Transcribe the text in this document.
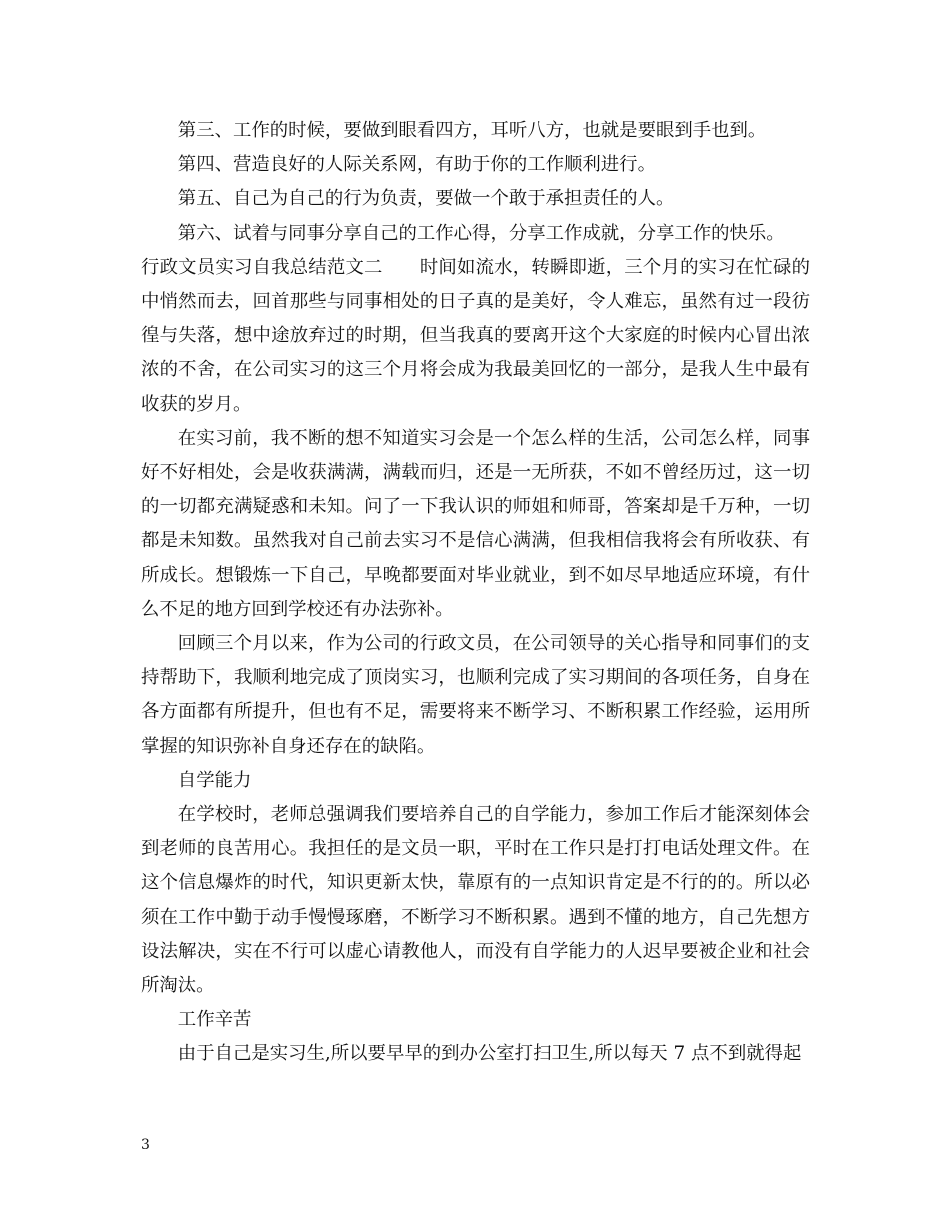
第三、工作的时候，要做到眼看四方，耳听八方，也就是要眼到手也到。

第四、营造良好的人际关系网，有助于你的工作顺利进行。

第五、自己为自己的行为负责，要做一个敢于承担责任的人。

第六、试着与同事分享自己的工作心得，分享工作成就，分享工作的快乐。

行政文员实习自我总结范文二　　时间如流水，转瞬即逝，三个月的实习在忙碌的中悄然而去，回首那些与同事相处的日子真的是美好，令人难忘，虽然有过一段彷徨与失落，想中途放弃过的时期，但当我真的要离开这个大家庭的时候内心冒出浓浓的不舍，在公司实习的这三个月将会成为我最美回忆的一部分，是我人生中最有收获的岁月。

在实习前，我不断的想不知道实习会是一个怎么样的生活，公司怎么样，同事好不好相处，会是收获满满，满载而归，还是一无所获，不如不曾经历过，这一切的一切都充满疑惑和未知。问了一下我认识的师姐和师哥，答案却是千万种，一切都是未知数。虽然我对自己前去实习不是信心满满，但我相信我将会有所收获、有所成长。想锻炼一下自己，早晚都要面对毕业就业，到不如尽早地适应环境，有什么不足的地方回到学校还有办法弥补。

回顾三个月以来，作为公司的行政文员，在公司领导的关心指导和同事们的支持帮助下，我顺利地完成了顶岗实习，也顺利完成了实习期间的各项任务，自身在各方面都有所提升，但也有不足，需要将来不断学习、不断积累工作经验，运用所掌握的知识弥补自身还存在的缺陷。

自学能力

在学校时，老师总强调我们要培养自己的自学能力，参加工作后才能深刻体会到老师的良苦用心。我担任的是文员一职，平时在工作只是打打电话处理文件。在这个信息爆炸的时代，知识更新太快，靠原有的一点知识肯定是不行的的。所以必须在工作中勤于动手慢慢琢磨，不断学习不断积累。遇到不懂的地方，自己先想方设法解决，实在不行可以虚心请教他人，而没有自学能力的人迟早要被企业和社会所淘汰。

工作辛苦

由于自己是实习生,所以要早早的到办公室打扫卫生,所以每天 7 点不到就得起

3
